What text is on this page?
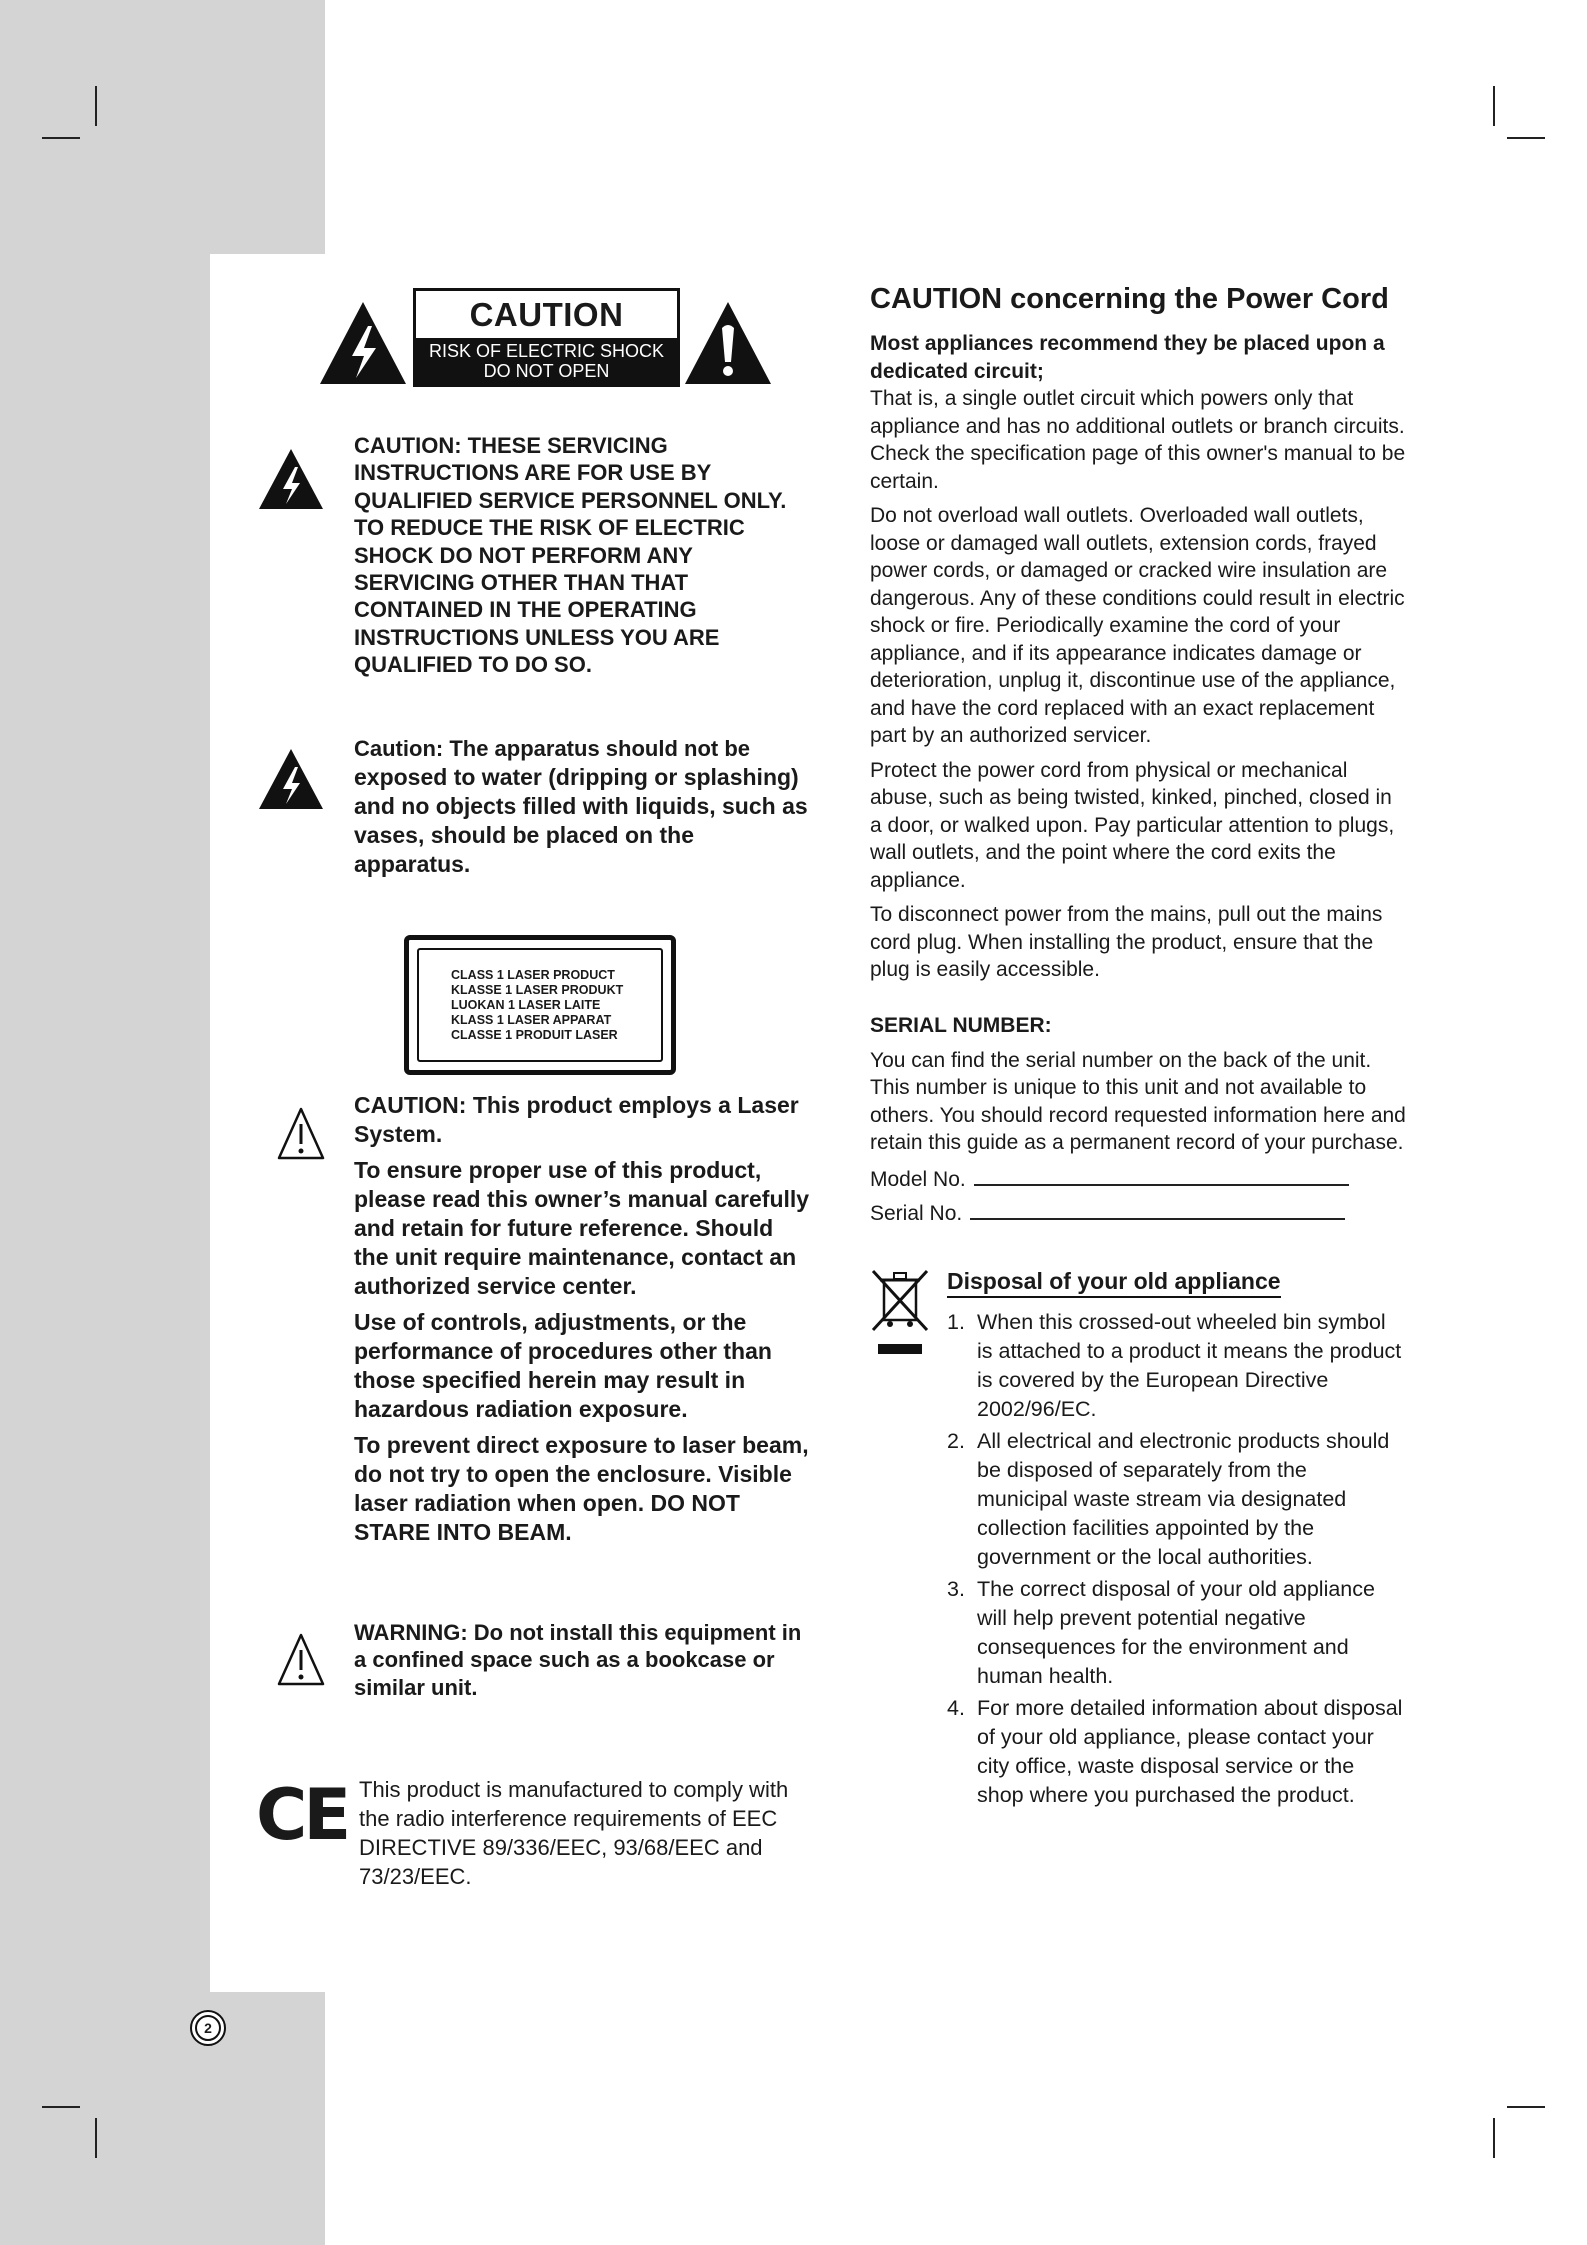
CAUTION
RISK OF ELECTRIC SHOCK
DO NOT OPEN
CAUTION: THESE SERVICING
INSTRUCTIONS ARE FOR USE BY
QUALIFIED SERVICE PERSONNEL ONLY.
TO REDUCE THE RISK OF ELECTRIC
SHOCK DO NOT PERFORM ANY
SERVICING OTHER THAN THAT
CONTAINED IN THE OPERATING
INSTRUCTIONS UNLESS YOU ARE
QUALIFIED TO DO SO.
Caution: The apparatus should not be
exposed to water (dripping or splashing)
and no objects filled with liquids, such as
vases, should be placed on the
apparatus.
CLASS 1 LASER PRODUCT
KLASSE 1 LASER PRODUKT
LUOKAN 1 LASER LAITE
KLASS 1 LASER APPARAT
CLASSE 1 PRODUIT LASER
CAUTION: This product employs a Laser
System.
To ensure proper use of this product,
please read this owner’s manual carefully
and retain for future reference. Should
the unit require maintenance, contact an
authorized service center.
Use of controls, adjustments, or the
performance of procedures other than
those specified herein may result in
hazardous radiation exposure.
To prevent direct exposure to laser beam,
do not try to open the enclosure. Visible
laser radiation when open. DO NOT
STARE INTO BEAM.
WARNING: Do not install this equipment in
a confined space such as a bookcase or
similar unit.
CE This product is manufactured to comply with
the radio interference requirements of EEC
DIRECTIVE 89/336/EEC, 93/68/EEC and
73/23/EEC.
CAUTION concerning the Power Cord
Most appliances recommend they be placed upon a
dedicated circuit;
That is, a single outlet circuit which powers only that
appliance and has no additional outlets or branch circuits.
Check the specification page of this owner's manual to be
certain.
Do not overload wall outlets. Overloaded wall outlets,
loose or damaged wall outlets, extension cords, frayed
power cords, or damaged or cracked wire insulation are
dangerous. Any of these conditions could result in electric
shock or fire. Periodically examine the cord of your
appliance, and if its appearance indicates damage or
deterioration, unplug it, discontinue use of the appliance,
and have the cord replaced with an exact replacement
part by an authorized servicer.
Protect the power cord from physical or mechanical
abuse, such as being twisted, kinked, pinched, closed in
a door, or walked upon. Pay particular attention to plugs,
wall outlets, and the point where the cord exits the
appliance.
To disconnect power from the mains, pull out the mains
cord plug. When installing the product, ensure that the
plug is easily accessible.
SERIAL NUMBER:
You can find the serial number on the back of the unit.
This number is unique to this unit and not available to
others. You should record requested information here and
retain this guide as a permanent record of your purchase.
Model No.
Serial No.
Disposal of your old appliance
1. When this crossed-out wheeled bin symbol
is attached to a product it means the product
is covered by the European Directive
2002/96/EC.
2. All electrical and electronic products should
be disposed of separately from the
municipal waste stream via designated
collection facilities appointed by the
government or the local authorities.
3. The correct disposal of your old appliance
will help prevent potential negative
consequences for the environment and
human health.
4. For more detailed information about disposal
of your old appliance, please contact your
city office, waste disposal service or the
shop where you purchased the product.
2
